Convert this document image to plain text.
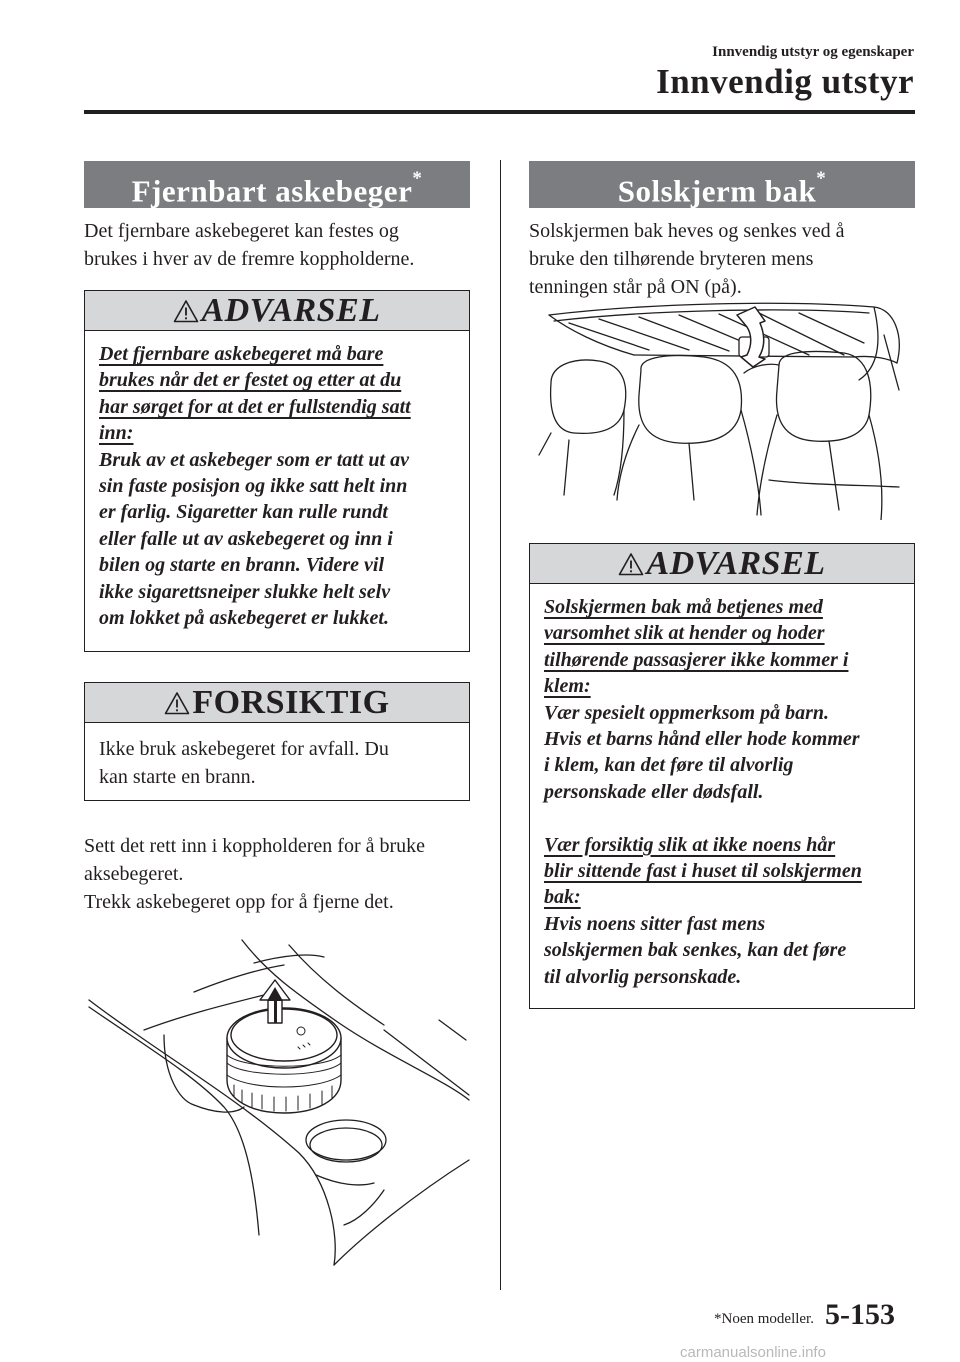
Innvendig utstyr og egenskaper
Innvendig utstyr
Fjernbart askebeger*

Det fjernbare askebegeret kan festes og

brukes i hver av de fremre koppholderne.

ADVARSEL

Det fjernbare askebegeret må bare

brukes når det er festet og etter at du

har sørget for at det er fullstendig satt

inn:

Bruk av et askebeger som er tatt ut av

sin faste posisjon og ikke satt helt inn

er farlig. Sigaretter kan rulle rundt

eller falle ut av askebegeret og inn i

bilen og starte en brann. Videre vil

ikke sigarettsneiper slukke helt selv

om lokket på askebegeret er lukket.

FORSIKTIG
Ikke bruk askebegeret for avfall. Du
kan starte en brann.

Sett det rett inn i koppholderen for å bruke

aksebegeret.

Trekk askebegeret opp for å fjerne det.

Solskjerm bak*

Solskjermen bak heves og senkes ved å

bruke den tilhørende bryteren mens

tenningen står på ON (på).

ADVARSEL

Solskjermen bak må betjenes med

varsomhet slik at hender og hoder

tilhørende passasjerer ikke kommer i

klem:

Vær spesielt oppmerksom på barn.

Hvis et barns hånd eller hode kommer

i klem, kan det føre til alvorlig

personskade eller dødsfall.

Vær forsiktig slik at ikke noens hår

blir sittende fast i huset til solskjermen

bak:

Hvis noens sitter fast mens

solskjermen bak senkes, kan det føre

til alvorlig personskade.

*Noen modeller. 5-153
carmanualsonline.info
